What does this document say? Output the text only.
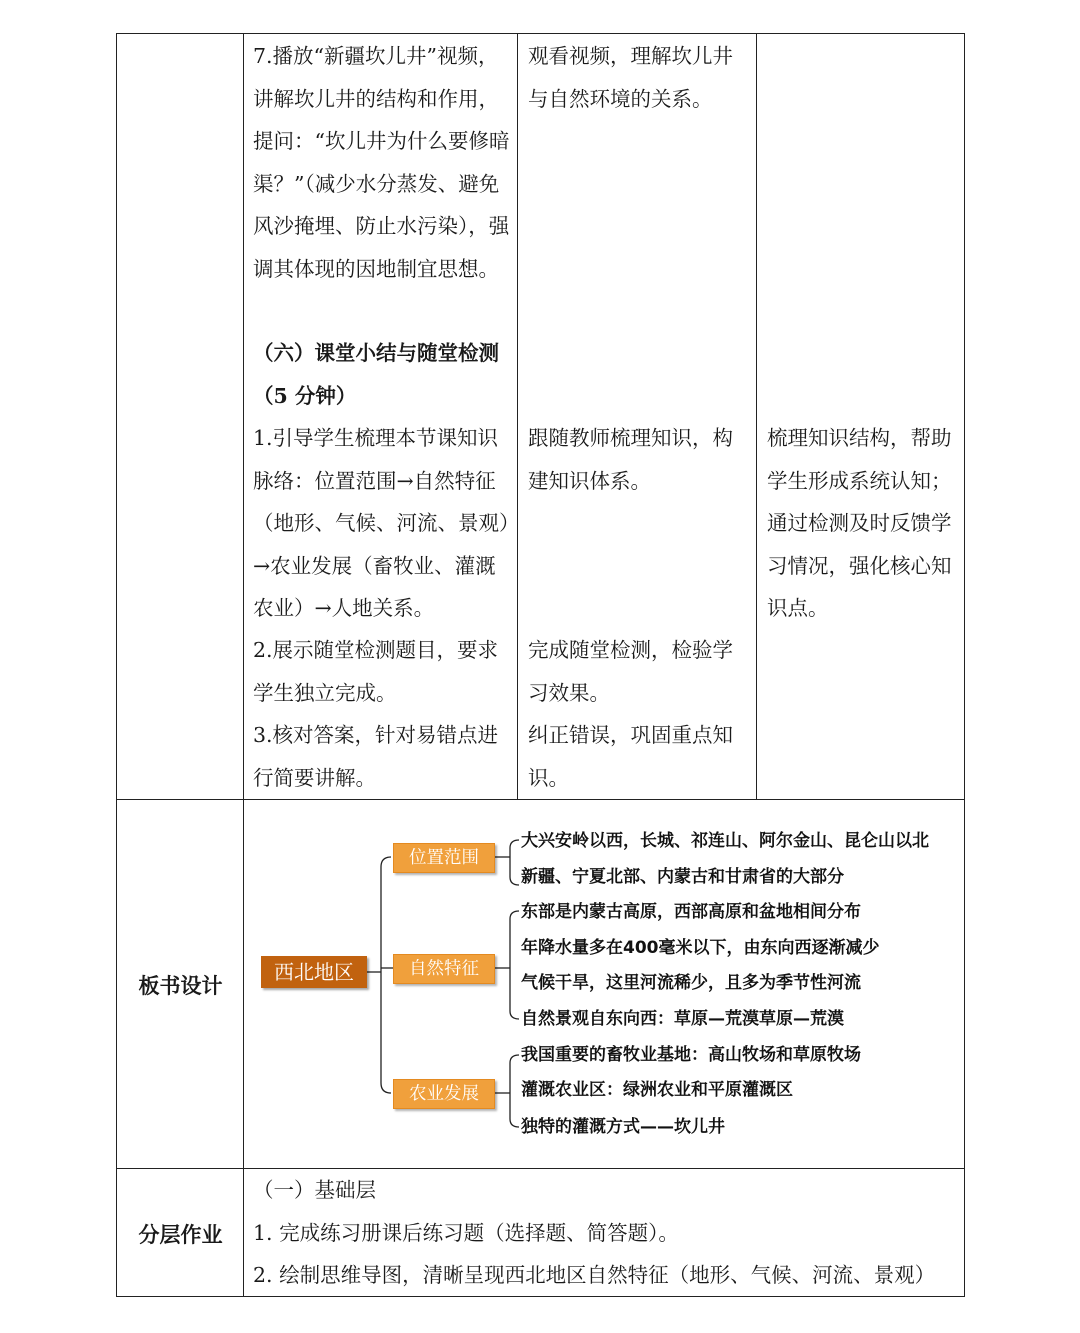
7.播放“新疆坎儿井”视频，讲解坎儿井的结构和作用，提问：“坎儿井为什么要修暗渠？”（减少水分蒸发、避免风沙掩埋、防止水污染），强调其体现的因地制宜思想。

（六）课堂小结与随堂检测（5 分钟）

1.引导学生梳理本节课知识脉络：位置范围→自然特征（地形、气候、河流、景观）→农业发展（畜牧业、灌溉农业）→人地关系。

2.展示随堂检测题目，要求学生独立完成。

3.核对答案，针对易错点进行简要讲解。

观看视频，理解坎儿井与自然环境的关系。

跟随教师梳理知识，构建知识体系。

完成随堂检测，检验学习效果。

纠正错误，巩固重点知识。

梳理知识结构，帮助学生形成系统认知；通过检测及时反馈学习情况，强化核心知识点。

板书设计
西北地区
位置范围
自然特征
农业发展
大兴安岭以西，长城、祁连山、阿尔金山、昆仑山以北
新疆、宁夏北部、内蒙古和甘肃省的大部分
东部是内蒙古高原，西部高原和盆地相间分布
年降水量多在400毫米以下，由东向西逐渐减少
气候干旱，这里河流稀少，且多为季节性河流
自然景观自东向西：草原—荒漠草原—荒漠
我国重要的畜牧业基地：高山牧场和草原牧场
灌溉农业区：绿洲农业和平原灌溉区
独特的灌溉方式——坎儿井
分层作业

（一）基础层

1. 完成练习册课后练习题（选择题、简答题）。

2. 绘制思维导图，清晰呈现西北地区自然特征（地形、气候、河流、景观）
